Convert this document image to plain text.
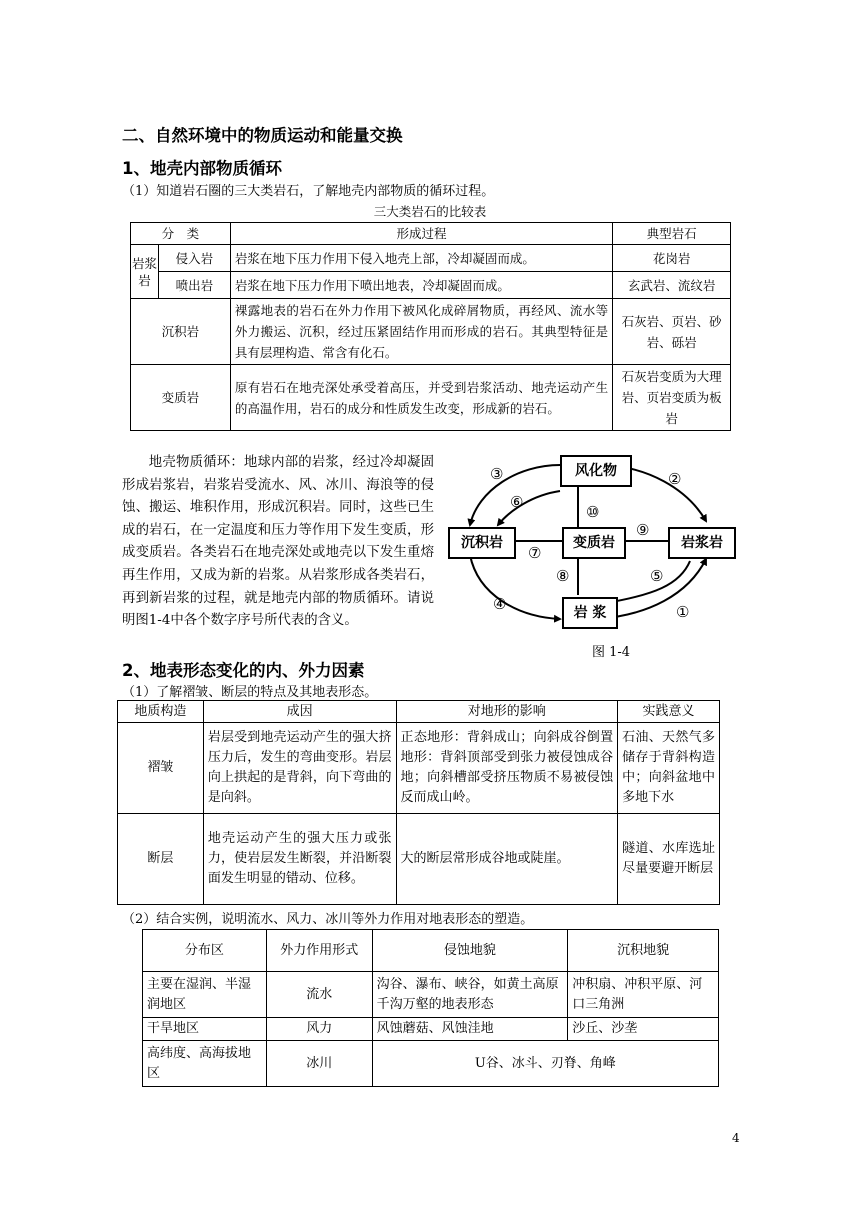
二、自然环境中的物质运动和能量交换
1、地壳内部物质循环
（1）知道岩石圈的三大类岩石，了解地壳内部物质的循环过程。
三大类岩石的比较表
分　类		形成过程	典型岩石
岩浆岩	侵入岩	岩浆在地下压力作用下侵入地壳上部，冷却凝固而成。	花岗岩
	喷出岩	岩浆在地下压力作用下喷出地表，冷却凝固而成。	玄武岩、流纹岩
沉积岩		裸露地表的岩石在外力作用下被风化成碎屑物质，再经风、流水等外力搬运、沉积，经过压紧固结作用而形成的岩石。其典型特征是具有层理构造、常含有化石。	石灰岩、页岩、砂岩、砾岩
变质岩		原有岩石在地壳深处承受着高压，并受到岩浆活动、地壳运动产生的高温作用，岩石的成分和性质发生改变，形成新的岩石。	石灰岩变质为大理岩、页岩变质为板岩
地壳物质循环：地球内部的岩浆，经过冷却凝固形成岩浆岩，岩浆岩受流水、风、冰川、海浪等的侵蚀、搬运、堆积作用，形成沉积岩。同时，这些已生成的岩石，在一定温度和压力等作用下发生变质，形成变质岩。各类岩石在地壳深处或地壳以下发生重熔再生作用，又成为新的岩浆。从岩浆形成各类岩石，再到新岩浆的过程，就是地壳内部的物质循环。请说明图1-4中各个数字序号所代表的含义。
风化物
沉积岩	变质岩	岩浆岩
岩 浆	①
②
③
④
⑤
⑥
⑦
⑧
⑨
⑩
图 1-4
2、地表形态变化的内、外力因素
（1）了解褶皱、断层的特点及其地表形态。
地质构造	成因	对地形的影响	实践意义
褶皱	岩层受到地壳运动产生的强大挤压力后，发生的弯曲变形。岩层向上拱起的是背斜，向下弯曲的是向斜。	正态地形：背斜成山；向斜成谷倒置地形：背斜顶部受到张力被侵蚀成谷地；向斜槽部受挤压物质不易被侵蚀反而成山岭。	石油、天然气多储存于背斜构造中；向斜盆地中多地下水
断层	地壳运动产生的强大压力或张力，使岩层发生断裂，并沿断裂面发生明显的错动、位移。	大的断层常形成谷地或陡崖。	隧道、水库选址尽量要避开断层
（2）结合实例，说明流水、风力、冰川等外力作用对地表形态的塑造。
分布区	外力作用形式	侵蚀地貌	沉积地貌
主要在湿润、半湿润地区	流水	沟谷、瀑布、峡谷，如黄土高原千沟万壑的地表形态	冲积扇、冲积平原、河口三角洲
干旱地区	风力	风蚀蘑菇、风蚀洼地	沙丘、沙垄
高纬度、高海拔地区	冰川	U谷、冰斗、刃脊、角峰	
4
